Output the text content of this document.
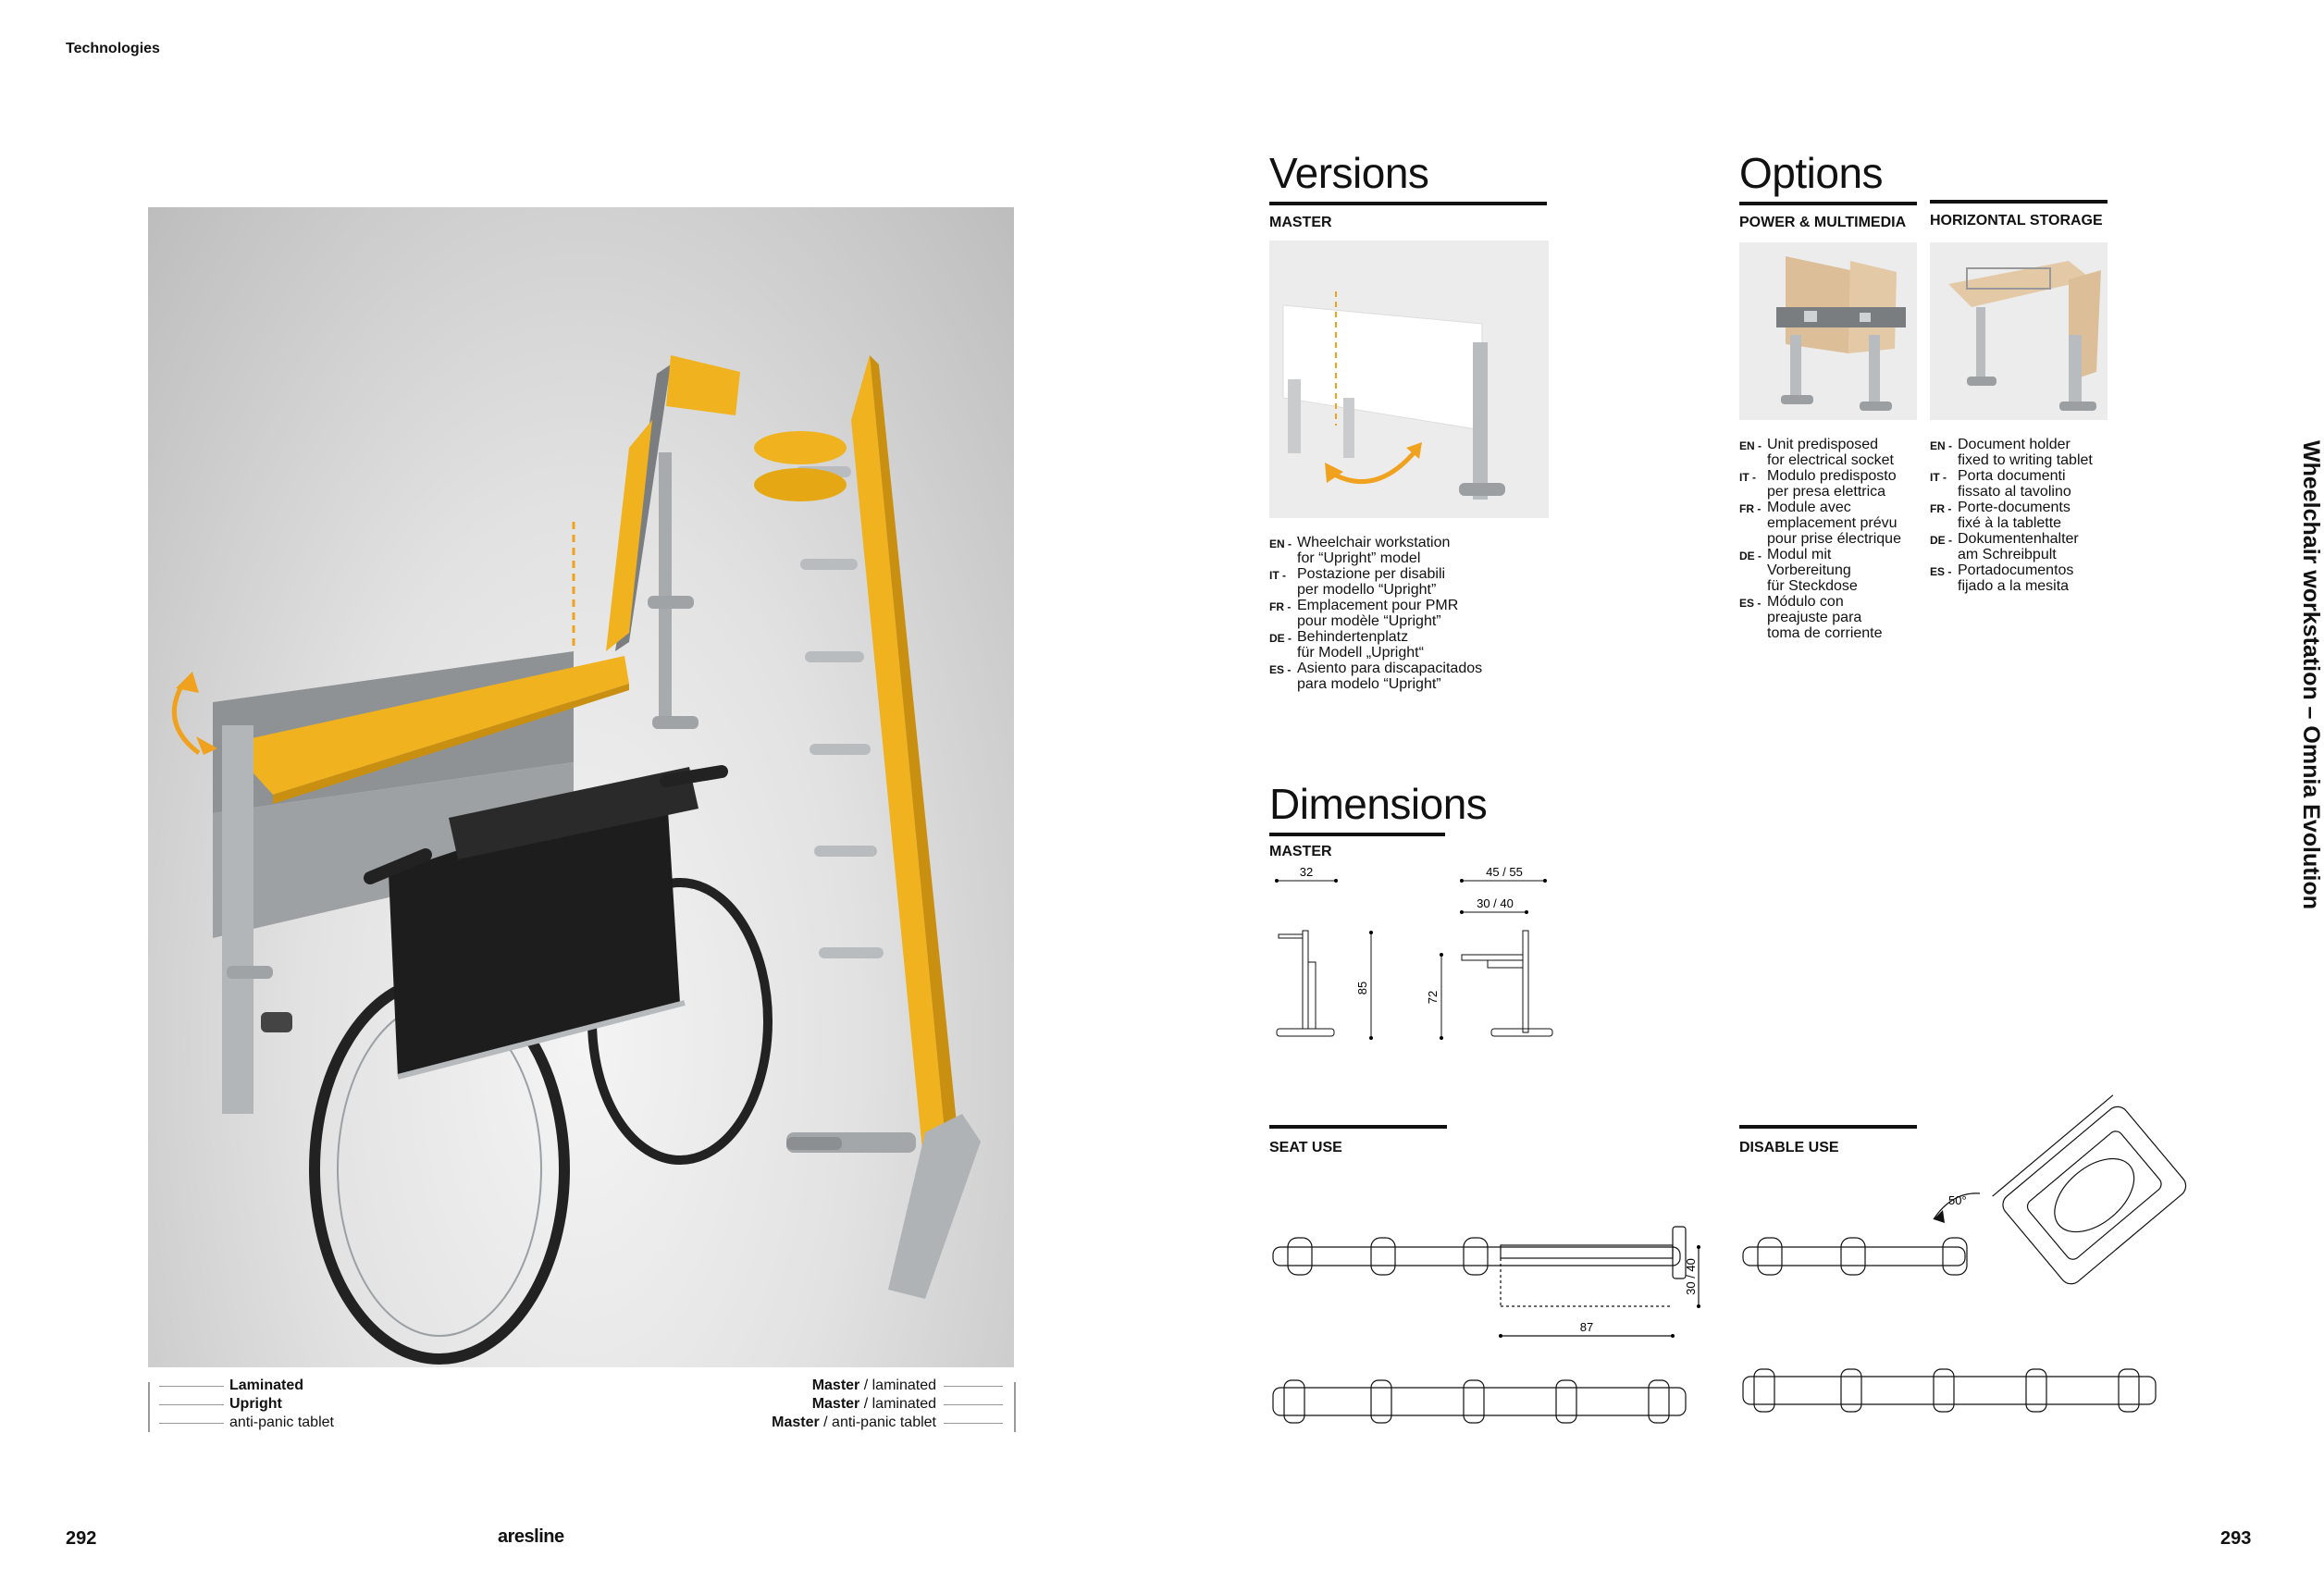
Technologies
292	293
aresline
Laminated
Upright
anti-panic tablet
Master / laminated
Master / laminated
Master / anti-panic tablet
Versions
MASTER
EN - Wheelchair workstation
for “Upright” model
IT - Postazione per disabili
per modello “Upright”
FR - Emplacement pour PMR
pour modèle “Upright”
DE - Behindertenplatz
für Modell „Upright“
ES - Asiento para discapacitados
para modelo “Upright”
Options
POWER & MULTIMEDIA HORIZONTAL STORAGE
EN - Unit predisposed
for electrical socket
IT - Modulo predisposto
per presa elettrica
FR - Module avec
emplacement prévu
pour prise électrique
DE - Modul mit
Vorbereitung
für Steckdose
ES - Módulo con
preajuste para
toma de corriente
EN - Document holder
fixed to writing tablet
IT - Porta documenti
fissato al tavolino
FR - Porte-documents
fixé à la tablette
DE - Dokumentenhalter
am Schreibpult
ES - Portadocumentos
fijado a la mesita
Dimensions
MASTER
32
85
45 / 55
30 / 40
72
SEAT USE
30 / 40
87
DISABLE USE
50°
Wheelchair workstation – Omnia Evolution
